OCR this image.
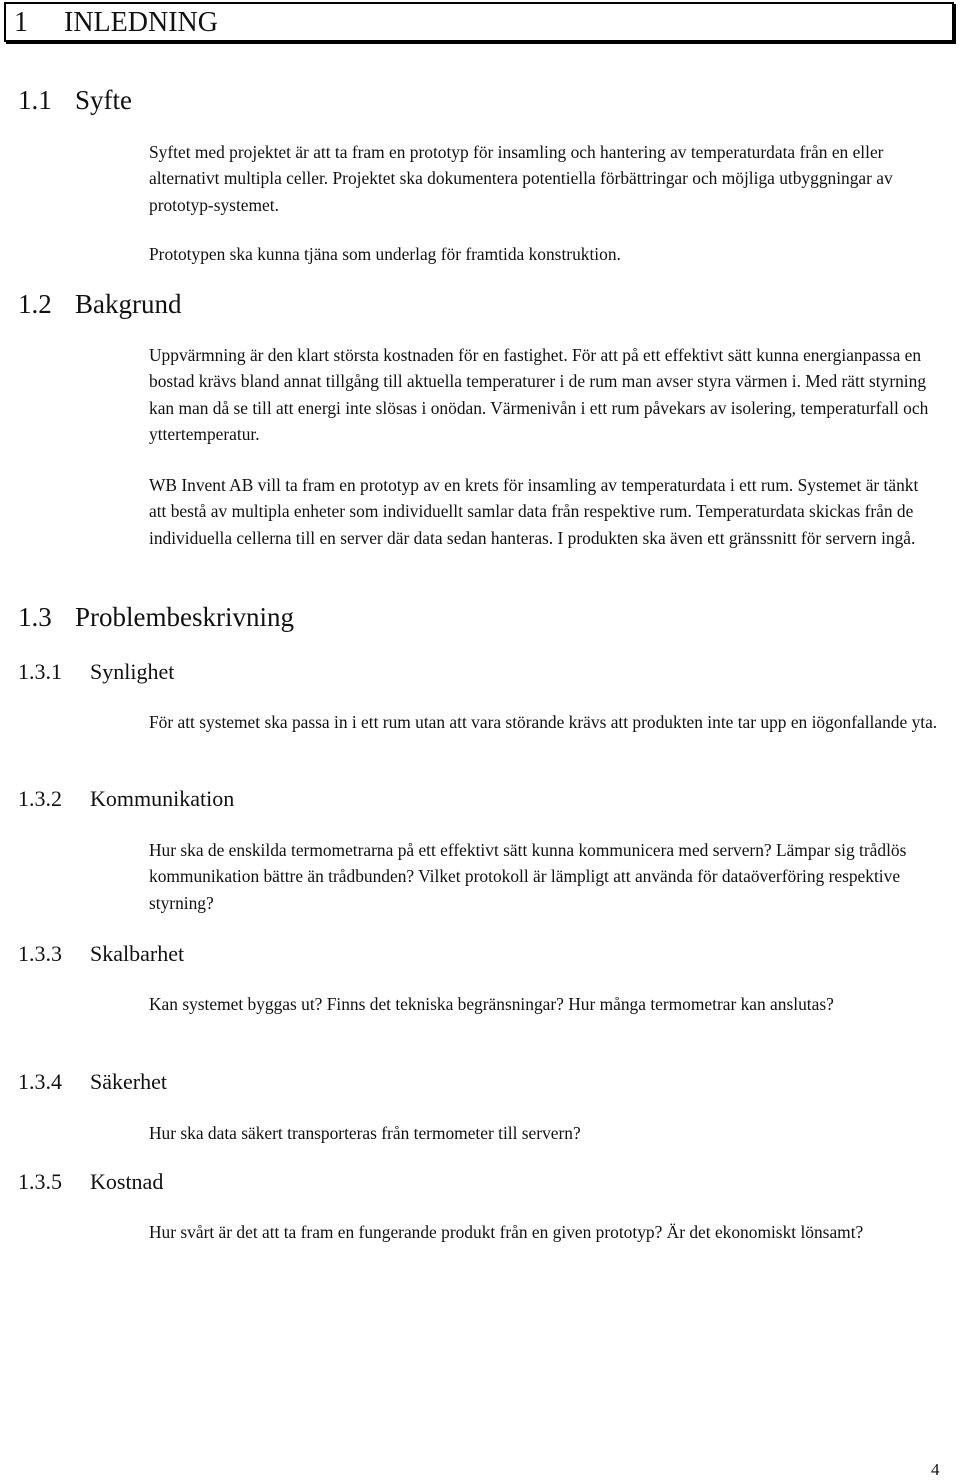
1 INLEDNING
1.1 Syfte

Syftet med projektet är att ta fram en prototyp för insamling och hantering av temperaturdata från en eller alternativt multipla celler. Projektet ska dokumentera potentiella förbättringar och möjliga utbyggningar av prototyp-systemet.

Prototypen ska kunna tjäna som underlag för framtida konstruktion.

1.2 Bakgrund

Uppvärmning är den klart största kostnaden för en fastighet. För att på ett effektivt sätt kunna energianpassa en bostad krävs bland annat tillgång till aktuella temperaturer i de rum man avser styra värmen i. Med rätt styrning kan man då se till att energi inte slösas i onödan. Värmenivån i ett rum påvekars av isolering, temperaturfall och yttertemperatur.

WB Invent AB vill ta fram en prototyp av en krets för insamling av temperaturdata i ett rum. Systemet är tänkt att bestå av multipla enheter som individuellt samlar data från respektive rum. Temperaturdata skickas från de individuella cellerna till en server där data sedan hanteras. I produkten ska även ett gränssnitt för servern ingå.

1.3 Problembeskrivning
1.3.1 Synlighet

För att systemet ska passa in i ett rum utan att vara störande krävs att produkten inte tar upp en iögonfallande yta.

1.3.2 Kommunikation

Hur ska de enskilda termometrarna på ett effektivt sätt kunna kommunicera med servern? Lämpar sig trådlös kommunikation bättre än trådbunden? Vilket protokoll är lämpligt att använda för dataöverföring respektive styrning?

1.3.3 Skalbarhet

Kan systemet byggas ut? Finns det tekniska begränsningar? Hur många termometrar kan anslutas?

1.3.4 Säkerhet

Hur ska data säkert transporteras från termometer till servern?

1.3.5 Kostnad

Hur svårt är det att ta fram en fungerande produkt från en given prototyp? Är det ekonomiskt lönsamt?

4
